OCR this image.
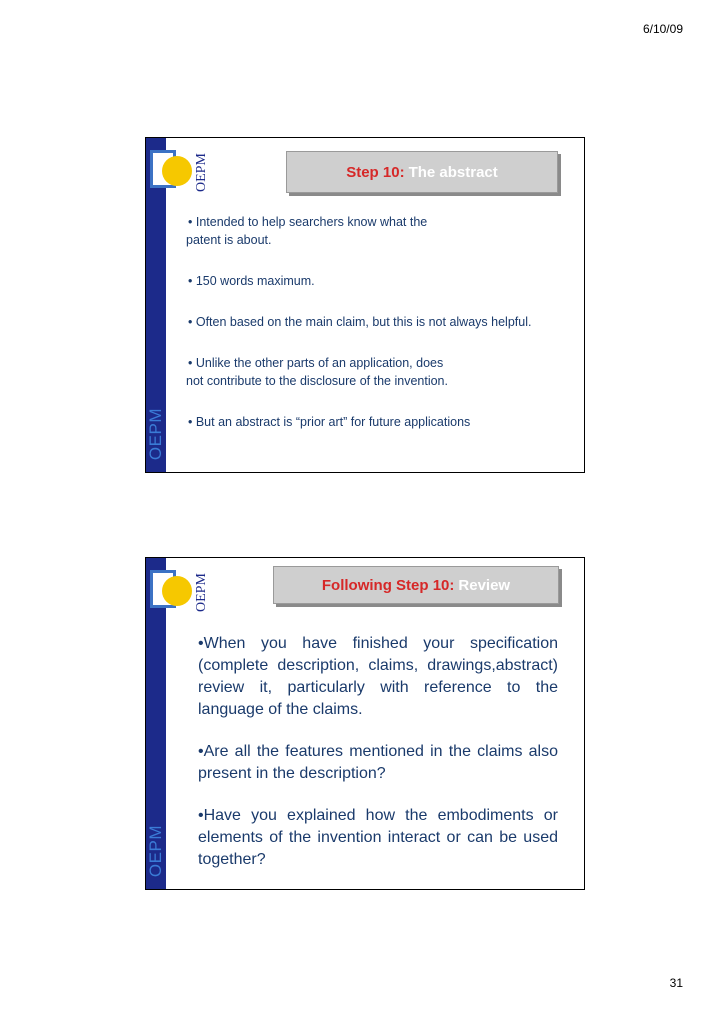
6/10/09
OEPM
OEPM	Step 10: The abstract

• Intended to help searchers know what the

patent is about.

• 150 words maximum.

• Often based on the main claim, but this is not always helpful.

• Unlike the other parts of an application, does

not contribute to the disclosure of the invention.

• But an abstract is “prior art” for future applications

OEPM
OEPM	Following Step 10: Review

•When you have finished your specification (complete description, claims, drawings,abstract) review it, particularly with reference to the language of the claims.

•Are all the features mentioned in the claims also present in the description?

•Have you explained how the embodiments or elements of the invention interact or can be used together?

31
